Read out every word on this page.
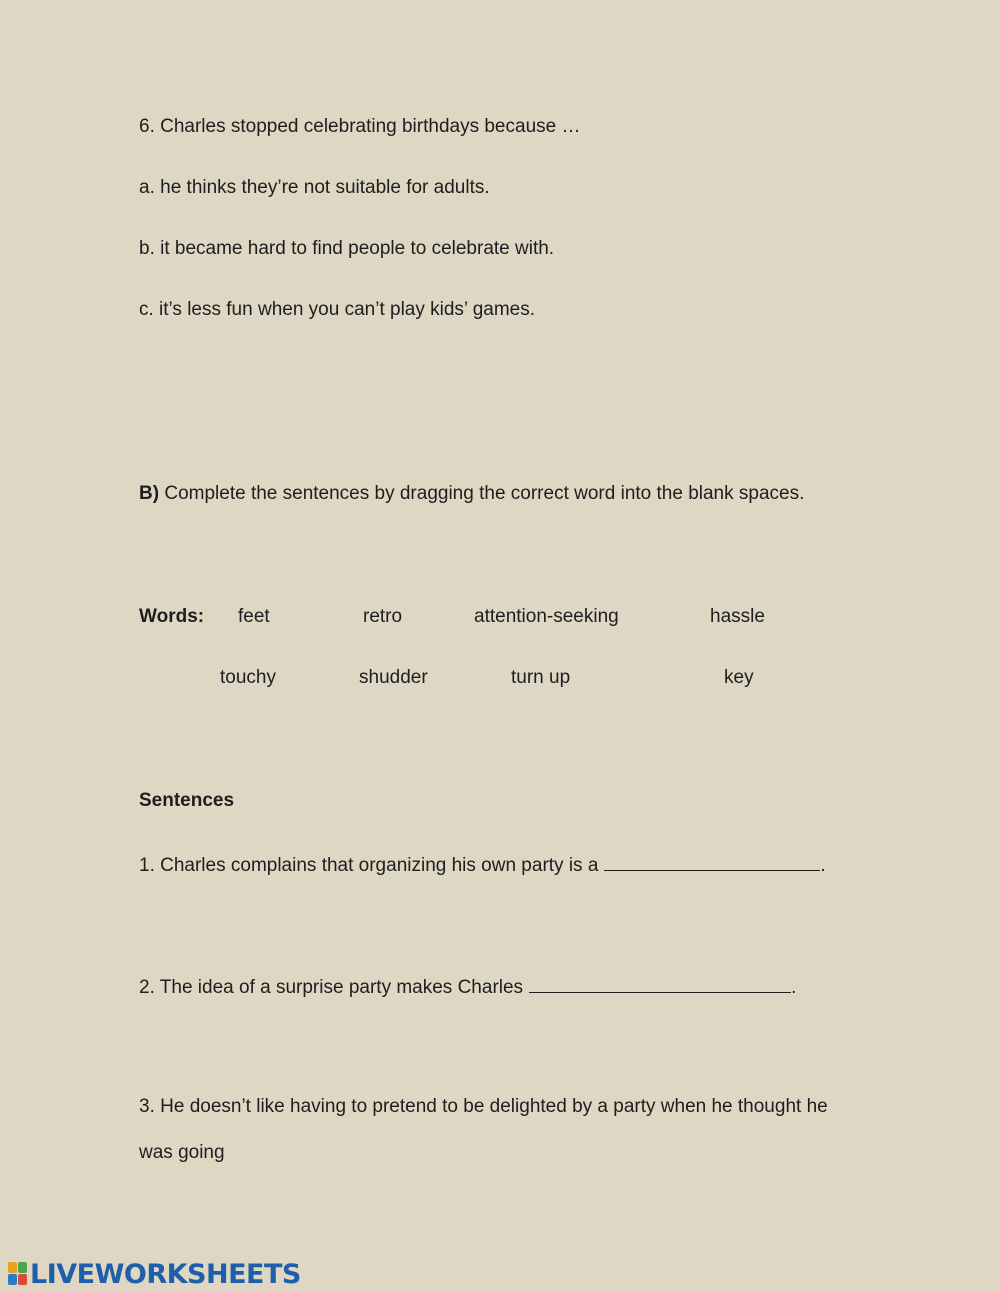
6. Charles stopped celebrating birthdays because …

a. he thinks they’re not suitable for adults.

b. it became hard to find people to celebrate with.

c. it’s less fun when you can’t play kids’ games.

B) Complete the sentences by dragging the correct word into the blank spaces.

Words: feet	retro	attention-seeking	hassle
touchy	shudder	turn up	key

Sentences

1. Charles complains that organizing his own party is a	.

2. The idea of a surprise party makes Charles	.

3. He doesn’t like having to pretend to be delighted by a party when he thought he

was going

LIVEWORKSHEETS
